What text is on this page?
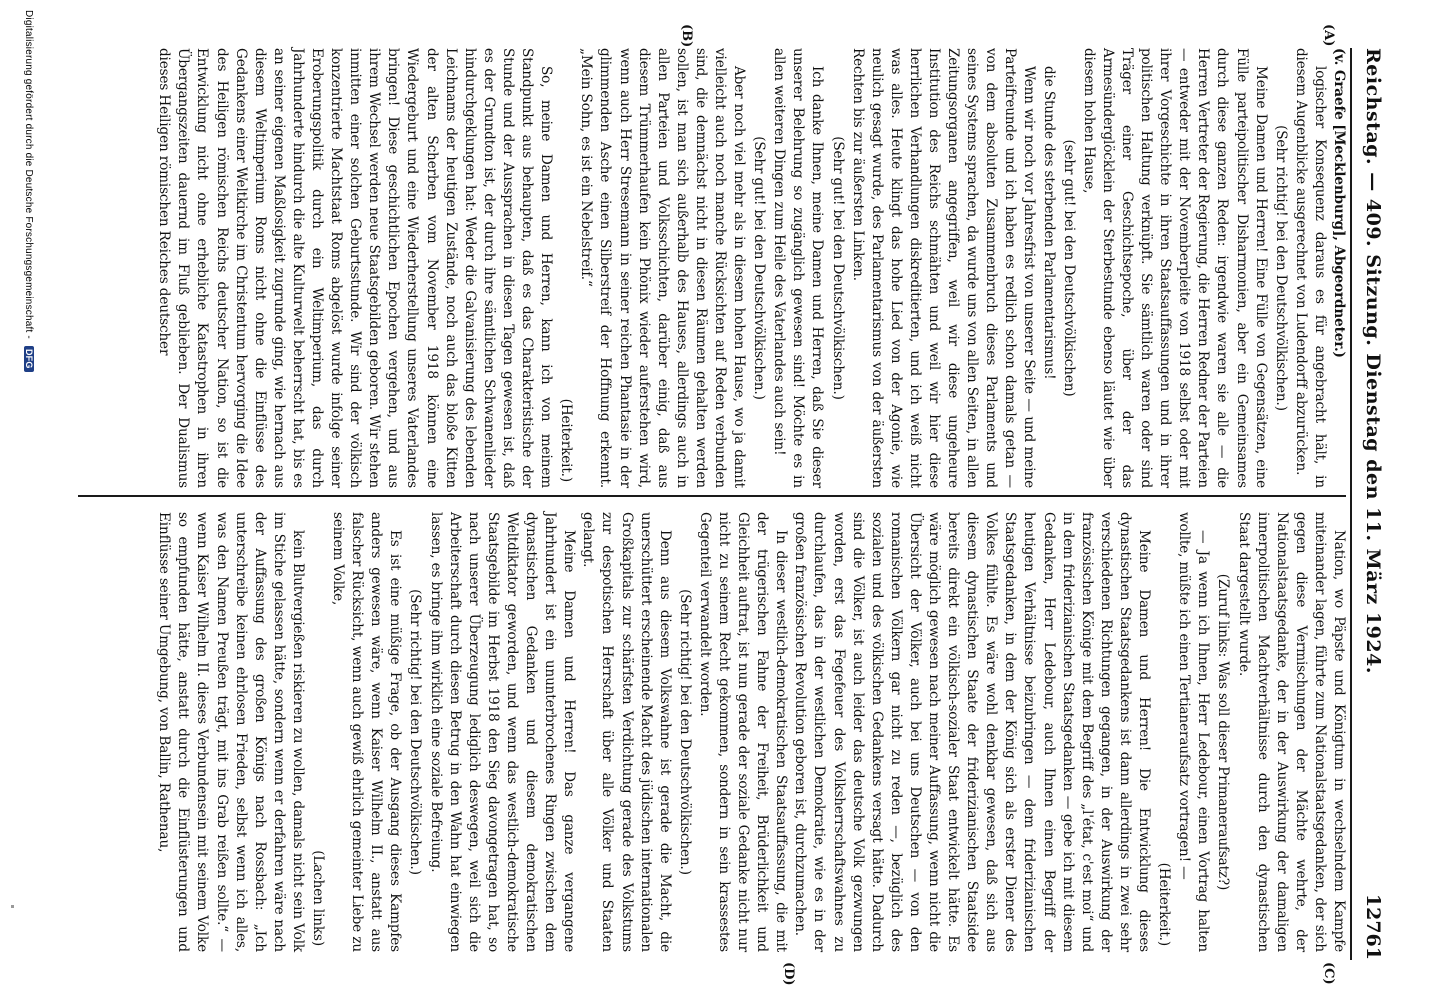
Reichstag. — 409. Sitzung. Dienstag den 11. März 1924.
12761
(A)
(B)
(C)
(D)

(v. Graefe [Mecklenburg], Abgeordneter.)

logischer Konsequenz daraus es für angebracht hält, in diesem Augenblicke ausgerechnet von Ludendorff abzurücken.

(Sehr richtig! bei den Deutschvölkischen.)

Meine Damen und Herren! Eine Fülle von Gegensätzen, eine Fülle parteipolitischer Disharmonien, aber ein Gemeinsames durch diese ganzen Reden: irgendwie waren sie alle — die Herren Vertreter der Regierung, die Herren Redner der Parteien — entweder mit der Novemberpleite von 1918 selbst oder mit ihrer Vorgeschichte in ihren Staatsauffassungen und in ihrer politischen Haltung verknüpft. Sie sämtlich waren oder sind Träger einer Geschichtsepoche, über der das Armesünderglöcklein der Sterbestunde ebenso läutet wie über diesem hohen Hause,

(sehr gut! bei den Deutschvölkischen)

die Stunde des sterbenden Parlamentarismus!

Wenn wir noch vor Jahresfrist von unserer Seite — und meine Parteifreunde und ich haben es redlich schon damals getan — von dem absoluten Zusammenbruch dieses Parlaments und seines Systems sprachen, da wurde uns von allen Seiten, in allen Zeitungsorganen angegriffen, weil wir diese ungeheure Institution des Reichs schmähten und weil wir hier diese herrlichen Verhandlungen diskreditierten, und ich weiß nicht was alles. Heute klingt das hohe Lied von der Agonie, wie neulich gesagt wurde, des Parlamentarismus von der äußersten Rechten bis zur äußersten Linken.

(Sehr gut! bei den Deutschvölkischen.)

Ich danke Ihnen, meine Damen und Herren, daß Sie dieser unserer Belehrung so zugänglich gewesen sind! Möchte es in allen weiteren Dingen zum Heile des Vaterlandes auch sein!

(Sehr gut! bei den Deutschvölkischen.)

Aber noch viel mehr als in diesem hohen Hause, wo ja damit vielleicht auch noch manche Rücksichten auf Reden verbunden sind, die demnächst nicht in diesen Räumen gehalten werden sollen, ist man sich außerhalb des Hauses, allerdings auch in allen Parteien und Volksschichten, darüber einig, daß aus diesem Trümmerhaufen kein Phönix wieder auferstehen wird, wenn auch Herr Stresemann in seiner reichen Phantasie in der glimmenden Asche einen Silberstreif der Hoffnung erkennt. „Mein Sohn, es ist ein Nebelstreif.“

(Heiterkeit.)

So, meine Damen und Herren, kann ich von meinem Standpunkt aus behaupten, daß es das Charakteristische der Stunde und der Aussprachen in diesen Tagen gewesen ist, daß es der Grundton ist, der durch ihre sämtlichen Schwanenlieder hindurchgeklungen hat: Weder die Galvanisierung des lebenden Leichnams der heutigen Zustände, noch auch das bloße Kitten der alten Scherben vom November 1918 können eine Wiedergeburt und eine Wiederherstellung unseres Vaterlandes bringen! Diese geschichtlichen Epochen vergehen, und aus ihrem Wechsel werden neue Staatsgebilden geboren. Wir stehen inmitten einer solchen Geburtsstunde. Wir sind der völkisch konzentrierte Machtstaat Roms abgelöst wurde infolge seiner Eroberungspolitik durch ein Weltimperium, das durch Jahrhunderte hindurch die alte Kulturwelt beherrscht hat, bis es an seiner eigenen Maßlosigkeit zugrunde ging, wie hernach aus diesem Weltimperium Roms nicht ohne die Einflüsse des Gedankens einer Weltkirche im Christentum hervorging die Idee des Heiligen römischen Reichs deutscher Nation, so ist die Entwicklung nicht ohne erhebliche Katastrophen in ihren Übergangszeiten dauernd im Fluß geblieben. Der Dualismus dieses Heiligen römischen Reiches deutscher

Nation, wo Päpste und Königtum in wechselndem Kampfe miteinander lagen, führte zum Nationalstaatsgedanken, der sich gegen diese Vermischungen der Mächte wehrte, der Nationalstaatsgedanke, der in der Auswirkung der damaligen innerpolitischen Machtverhältnisse durch den dynastischen Staat dargestellt wurde.

(Zuruf links: Was soll dieser Primaneraufsatz?)

— Ja wenn ich Ihnen, Herr Ledebour, einen Vortrag halten wollte, müßte ich einen Tertianeraufsatz vortragen! —

(Heiterkeit.)

Meine Damen und Herren! Die Entwicklung dieses dynastischen Staatsgedankens ist dann allerdings in zwei sehr verschiedenen Richtungen gegangen, in der Auswirkung der französischen Könige mit dem Begriff des „l'état, c'est moi“ und in dem friderizianischen Staatsgedanken — gebe ich mit diesem Gedanken, Herr Ledebour, auch Ihnen einen Begriff der heutigen Verhältnisse beizubringen — dem friderizianischen Staatsgedanken, in dem der König sich als erster Diener des Volkes fühlte. Es wäre wohl denkbar gewesen, daß sich aus diesem dynastischen Staate der friderizianischen Staatsidee bereits direkt ein völkisch-sozialer Staat entwickelt hätte. Es wäre möglich gewesen nach meiner Auffassung, wenn nicht die Übersicht der Völker, auch bei uns Deutschen — von den romanischen Völkern gar nicht zu reden —, bezüglich des sozialen und des völkischen Gedankens versagt hätte. Dadurch sind die Völker, ist auch leider das deutsche Volk gezwungen worden, erst das Fegefeuer des Volksherrschaftswahnes zu durchlaufen, das in der westlichen Demokratie, wie es in der großen französischen Revolution geboren ist, durchzumachen.

In dieser westlich-demokratischen Staatsauffassung, die mit der trügerischen Fahne der Freiheit, Brüderlichkeit und Gleichheit auftrat, ist nun gerade der soziale Gedanke nicht nur nicht zu seinem Recht gekommen, sondern in sein krassestes Gegenteil verwandelt worden.

(Sehr richtig! bei den Deutschvölkischen.)

Denn aus diesem Volkswahne ist gerade die Macht, die unerschüttert erscheinende Macht des jüdischen internationalen Großkapitals zur schärfsten Verdichtung gerade des Volkstums zur despotischen Herrschaft über alle Völker und Staaten gelangt.

Meine Damen und Herren! Das ganze vergangene Jahrhundert ist ein ununterbrochenes Ringen zwischen dem dynastischen Gedanken und diesem demokratischen Weltdiktator geworden, und wenn das westlich-demokratische Staatsgebilde im Herbst 1918 den Sieg davongetragen hat, so nach unserer Überzeugung lediglich deswegen, weil sich die Arbeiterschaft durch diesen Betrug in den Wahn hat einwiegen lassen, es bringe ihm wirklich eine soziale Befreiung.

(Sehr richtig! bei den Deutschvölkischen.)

Es ist eine müßige Frage, ob der Ausgang dieses Kampfes anders gewesen wäre, wenn Kaiser Wilhelm II., anstatt aus falscher Rücksicht, wenn auch gewiß ehrlich gemeinter Liebe zu seinem Volke,

(Lachen links)

kein Blutvergießen riskieren zu wollen, damals nicht sein Volk im Stiche gelassen hätte, sondern wenn er derfahren wäre nach der Auffassung des großen Königs nach Rossbach: „Ich unterschreibe keinen ehrlosen Frieden, selbst wenn ich alles, was den Namen Preußen trägt, mit ins Grab reißen sollte.“ — wenn Kaiser Wilhelm II. dieses Verbundensein mit seinem Volke so empfunden hätte, anstatt durch die Einflüsterungen und Einflüsse seiner Umgebung, von Ballin, Rathenau,

Digitalisierung gefördert durch die Deutsche Forschungsgemeinschaft - DFG
